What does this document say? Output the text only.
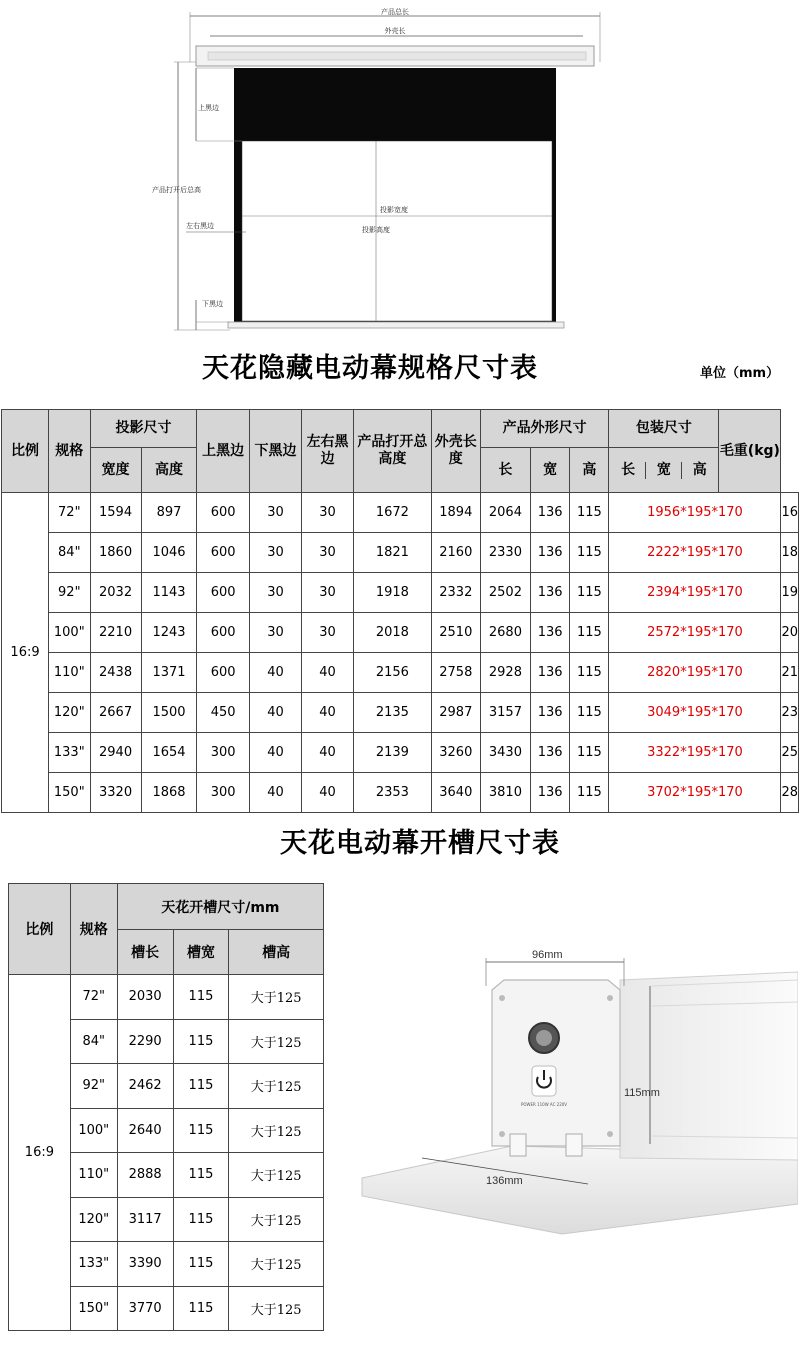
产品总长
外壳长
上黑边
产品打开后总高
左右黑边
下黑边
投影宽度
投影高度
天花隐藏电动幕规格尺寸表	单位（mm）
比例	规格	投影尺寸		上黑边	下黑边	左右黑边	产品打开总高度	外壳长度	产品外形尺寸			包装尺寸	毛重(kg)	
		宽度	高度						长	宽	高	长 宽 高		
16:9	72"	1594	897	600	30	30	1672	1894	2064	136	115	1956*195*170		16
	84"	1860	1046	600	30	30	1821	2160	2330	136	115	2222*195*170		18
	92"	2032	1143	600	30	30	1918	2332	2502	136	115	2394*195*170		19
	100"	2210	1243	600	30	30	2018	2510	2680	136	115	2572*195*170		20
	110"	2438	1371	600	40	40	2156	2758	2928	136	115	2820*195*170		21
	120"	2667	1500	450	40	40	2135	2987	3157	136	115	3049*195*170		23
	133"	2940	1654	300	40	40	2139	3260	3430	136	115	3322*195*170		25
	150"	3320	1868	300	40	40	2353	3640	3810	136	115	3702*195*170		28
天花电动幕开槽尺寸表
比例	规格	天花开槽尺寸/mm		
		槽长	槽宽	槽高
16:9	72"	2030	115	大于125
	84"	2290	115	大于125
	92"	2462	115	大于125
	100"	2640	115	大于125
	110"	2888	115	大于125
	120"	3117	115	大于125
	133"	3390	115	大于125
	150"	3770	115	大于125
POWER 110W AC 220V
96mm
115mm
136mm
